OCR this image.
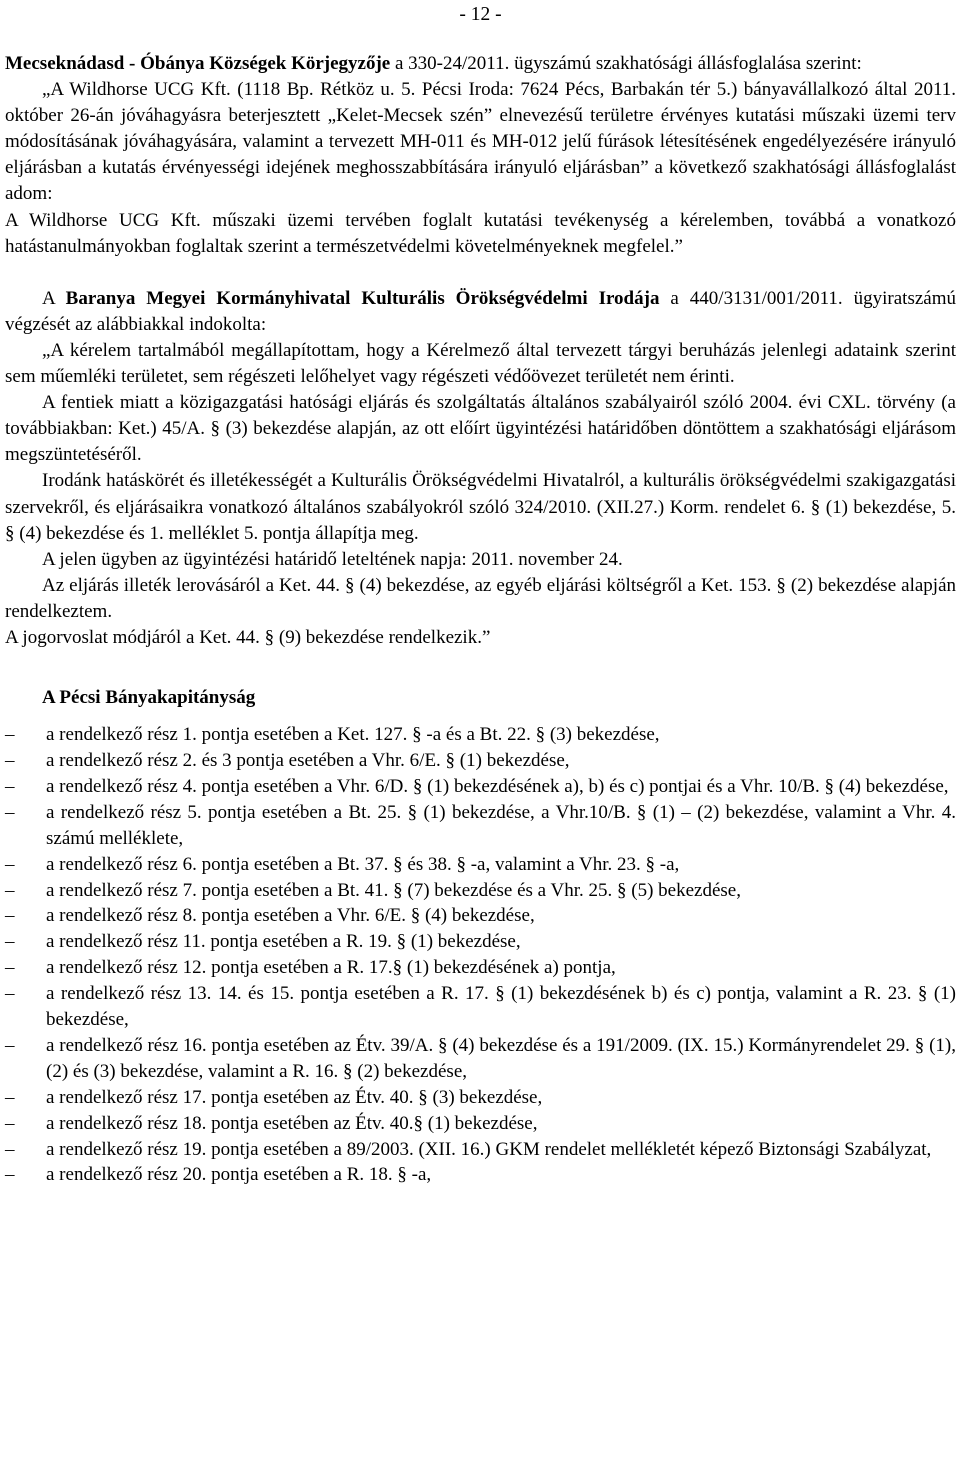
- 12 -

Mecseknádasd - Óbánya Községek Körjegyzője a 330-24/2011. ügyszámú szakhatósági állásfoglalása szerint:

„A Wildhorse UCG Kft. (1118 Bp. Rétköz u. 5. Pécsi Iroda: 7624 Pécs, Barbakán tér 5.) bányavállalkozó által 2011. október 26-án jóváhagyásra beterjesztett „Kelet-Mecsek szén” elnevezésű területre érvényes kutatási műszaki üzemi terv módosításának jóváhagyására, valamint a tervezett MH-011 és MH-012 jelű fúrások létesítésének engedélyezésére irányuló eljárásban a kutatás érvényességi idejének meghosszabbítására irányuló eljárásban” a következő szakhatósági állásfoglalást adom:

A Wildhorse UCG Kft. műszaki üzemi tervében foglalt kutatási tevékenység a kérelemben, továbbá a vonatkozó hatástanulmányokban foglaltak szerint a természetvédelmi követelményeknek megfelel.”

A Baranya Megyei Kormányhivatal Kulturális Örökségvédelmi Irodája a 440/3131/001/2011. ügyiratszámú végzését az alábbiakkal indokolta:

„A kérelem tartalmából megállapítottam, hogy a Kérelmező által tervezett tárgyi beruházás jelenlegi adataink szerint sem műemléki területet, sem régészeti lelőhelyet vagy régészeti védőövezet területét nem érinti.

A fentiek miatt a közigazgatási hatósági eljárás és szolgáltatás általános szabályairól szóló 2004. évi CXL. törvény (a továbbiakban: Ket.) 45/A. § (3) bekezdése alapján, az ott előírt ügyintézési határidőben döntöttem a szakhatósági eljárásom megszüntetéséről.

Irodánk hatáskörét és illetékességét a Kulturális Örökségvédelmi Hivatalról, a kulturális örökségvédelmi szakigazgatási szervekről, és eljárásaikra vonatkozó általános szabályokról szóló 324/2010. (XII.27.) Korm. rendelet 6. § (1) bekezdése, 5. § (4) bekezdése és 1. melléklet 5. pontja állapítja meg.

A jelen ügyben az ügyintézési határidő leteltének napja: 2011. november 24.

Az eljárás illeték lerovásáról a Ket. 44. § (4) bekezdése, az egyéb eljárási költségről a Ket. 153. § (2) bekezdése alapján rendelkeztem.

A jogorvoslat módjáról a Ket. 44. § (9) bekezdése rendelkezik.”

A Pécsi Bányakapitányság
–	a rendelkező rész 1. pontja esetében a Ket. 127. § -a és a Bt. 22. § (3) bekezdése,
–	a rendelkező rész 2. és 3 pontja esetében a Vhr. 6/E. § (1) bekezdése,
–	a rendelkező rész 4. pontja esetében a Vhr. 6/D. § (1) bekezdésének a), b) és c) pontjai és a Vhr. 10/B. § (4) bekezdése,
–	a rendelkező rész 5. pontja esetében a Bt. 25. § (1) bekezdése, a Vhr.10/B. § (1) – (2) bekezdése, valamint a Vhr. 4. számú melléklete,
–	a rendelkező rész 6. pontja esetében a Bt. 37. § és 38. § -a, valamint a Vhr. 23. § -a,
–	a rendelkező rész 7. pontja esetében a Bt. 41. § (7) bekezdése és a Vhr. 25. § (5) bekezdése,
–	a rendelkező rész 8. pontja esetében a Vhr. 6/E. § (4) bekezdése,
–	a rendelkező rész 11. pontja esetében a R. 19. § (1) bekezdése,
–	a rendelkező rész 12. pontja esetében a R. 17.§ (1) bekezdésének a) pontja,
–	a rendelkező rész 13. 14. és 15. pontja esetében a R. 17. § (1) bekezdésének b) és c) pontja, valamint a R. 23. § (1) bekezdése,
–	a rendelkező rész 16. pontja esetében az Étv. 39/A. § (4) bekezdése és a 191/2009. (IX. 15.) Kormányrendelet 29. § (1), (2) és (3) bekezdése, valamint a R. 16. § (2) bekezdése,
–	a rendelkező rész 17. pontja esetében az Étv. 40. § (3) bekezdése,
–	a rendelkező rész 18. pontja esetében az Étv. 40.§ (1) bekezdése,
–	a rendelkező rész 19. pontja esetében a 89/2003. (XII. 16.) GKM rendelet mellékletét képező Biztonsági Szabályzat,
–	a rendelkező rész 20. pontja esetében a R. 18. § -a,
